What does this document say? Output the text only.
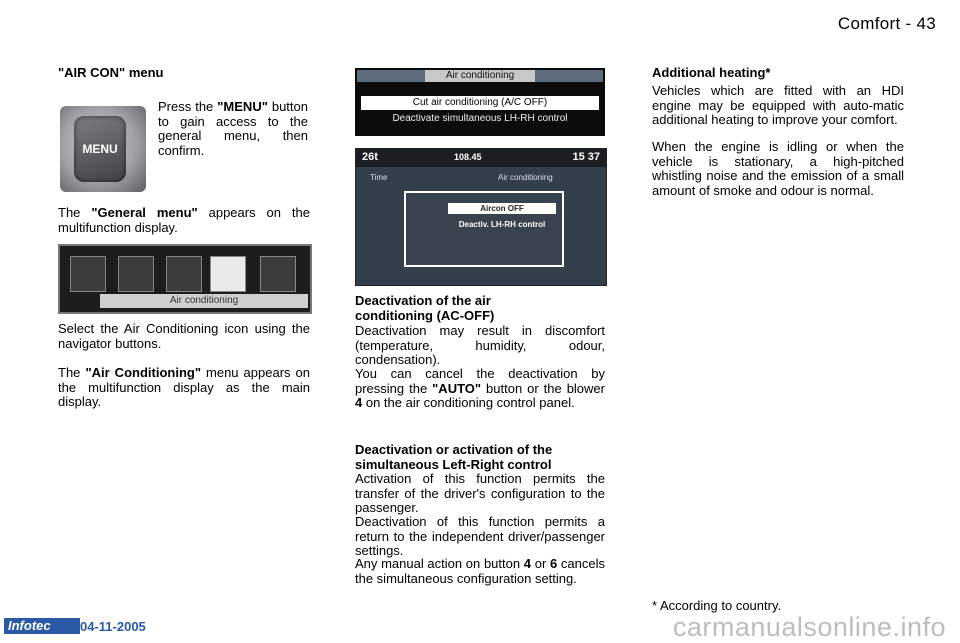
Comfort - 43
"AIR CON" menu
MENU

Press the "MENU" button to gain access to the general menu, then confirm.

The "General menu" appears on the multifunction display.

Air conditioning

Select the Air Conditioning icon using the navigator buttons.

The "Air Conditioning" menu appears on the multifunction display as the main display.

Air conditioning
Cut air conditioning (A/C OFF)
Deactivate simultaneous LH-RH control
26t	108.45	15 37
Time	Air conditioning
Aircon OFF
Deactiv. LH-RH control
Deactivation of the air conditioning (AC-OFF)

Deactivation may result in discomfort (temperature, humidity, odour, condensation).

You can cancel the deactivation by pressing the "AUTO" button or the blower 4 on the air conditioning control panel.

Deactivation or activation of the simultaneous Left-Right control

Activation of this function permits the transfer of the driver's configuration to the passenger.

Deactivation of this function permits a return to the independent driver/passenger settings.

Any manual action on button 4 or 6 cancels the simultaneous configuration setting.

Additional heating*

Vehicles which are fitted with an HDI engine may be equipped with auto-matic additional heating to improve your comfort.

When the engine is idling or when the vehicle is stationary, a high-pitched whistling noise and the emission of a small amount of smoke and odour is normal.

* According to country.
Infotec	04-11-2005	carmanualsonline.info
